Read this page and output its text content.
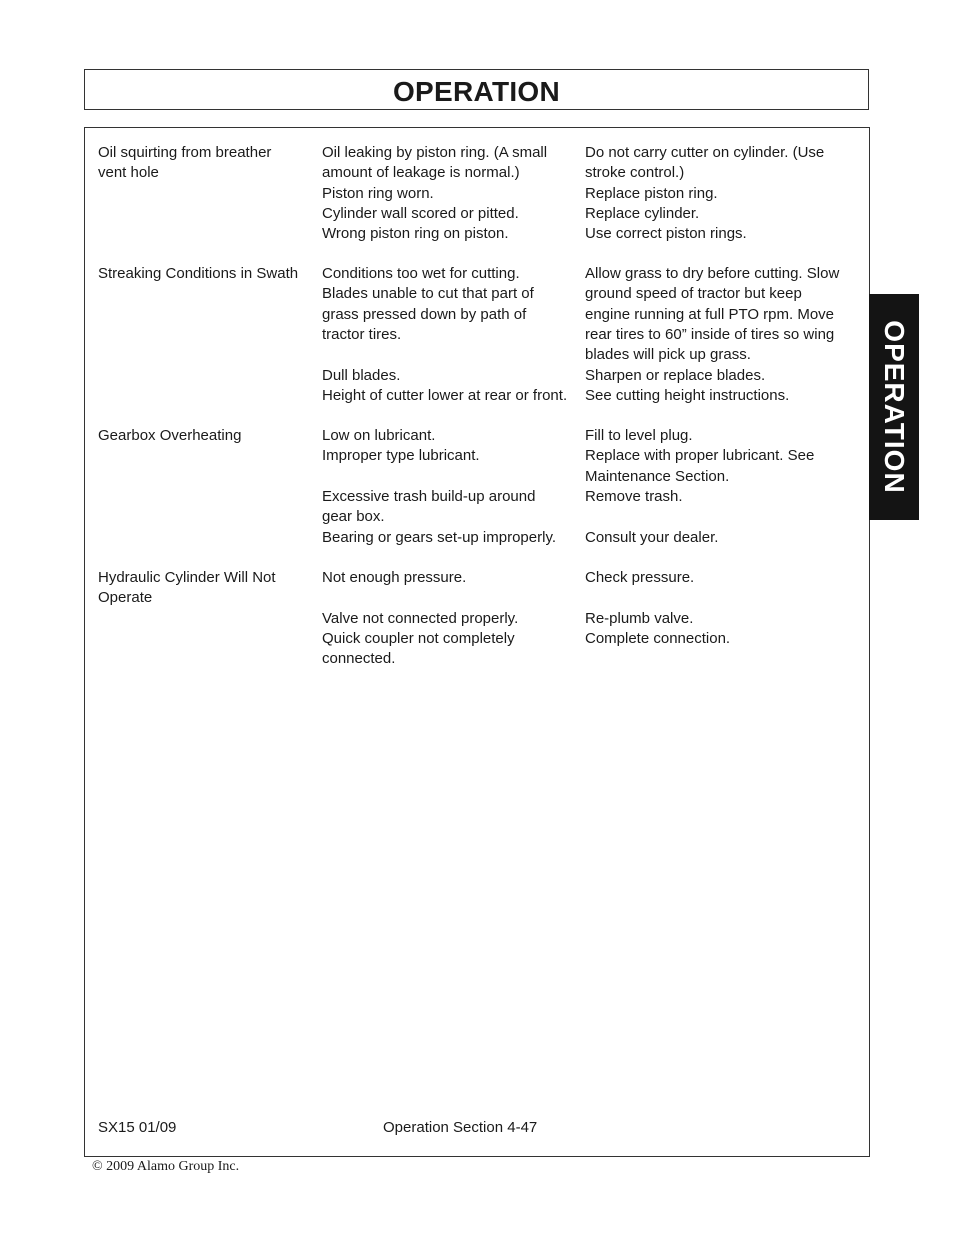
OPERATION
OPERATION
Oil squirting from breather
vent hole
Oil leaking by piston ring. (A small
amount of leakage is normal.)
Piston ring worn.
Cylinder wall scored or pitted.
Wrong piston ring on piston.
Do not carry cutter on cylinder. (Use
stroke control.)
Replace piston ring.
Replace cylinder.
Use correct piston rings.
Streaking Conditions in Swath Conditions too wet for cutting.
Blades unable to cut that part of
grass pressed down by path of
tractor tires.
Dull blades.
Height of cutter lower at rear or front.
Allow grass to dry before cutting. Slow
ground speed of tractor but keep
engine running at full PTO rpm. Move
rear tires to 60” inside of tires so wing
blades will pick up grass.
Sharpen or replace blades.
See cutting height instructions.
Gearbox Overheating	Low on lubricant.
Improper type lubricant.
Excessive trash build-up around
gear box.
Bearing or gears set-up improperly.
Fill to level plug.
Replace with proper lubricant. See
Maintenance Section.
Remove trash.
Consult your dealer.
Hydraulic Cylinder Will Not
Operate
Not enough pressure.
Valve not connected properly.
Quick coupler not completely
connected.
Check pressure.
Re-plumb valve.
Complete connection.
SX15 01/09	Operation Section 4-47
© 2009 Alamo Group Inc.
